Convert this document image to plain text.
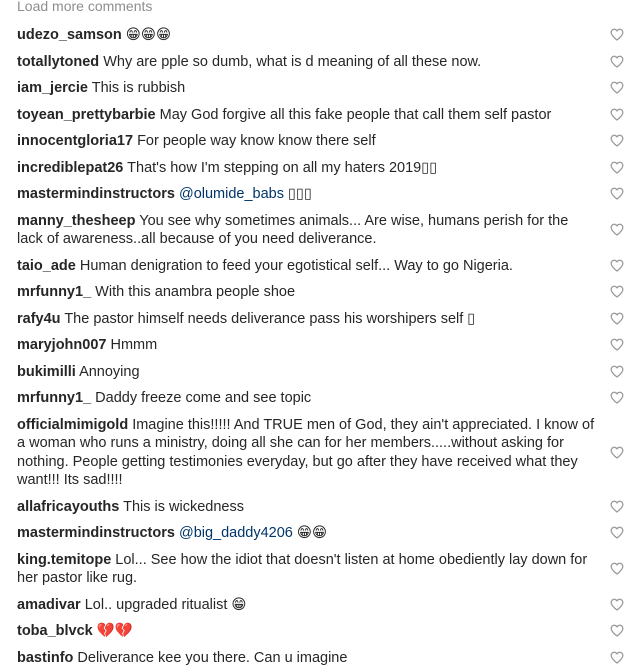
Load more comments
udezo_samson 😁😁😁
totallytoned Why are pple so dumb, what is d meaning of all these now.
iam_jercie This is rubbish
toyean_prettybarbie May God forgive all this fake people that call them self pastor
innocentgloria17 For people way know know there self
incrediblepat26 That's how I'm stepping on all my haters 2019▯▯
mastermindinstructors @olumide_babs ▯▯▯
manny_thesheep You see why sometimes animals... Are wise, humans perish for the lack of awareness..all because of you need deliverance.
taio_ade Human denigration to feed your egotistical self... Way to go Nigeria.
mrfunny1_ With this anambra people shoe
rafy4u The pastor himself needs deliverance pass his worshipers self ▯
maryjohn007 Hmmm
bukimilli Annoying
mrfunny1_ Daddy freeze come and see topic
officialmimigold Imagine this!!!!! And TRUE men of God, they ain't appreciated. I know of a woman who runs a ministry, doing all she can for her members.....without asking for nothing. People getting testimonies everyday, but go after they have received what they want!!! Its sad!!!!
allafricayouths This is wickedness
mastermindinstructors @big_daddy4206 😁😁
king.temitope Lol... See how the idiot that doesn't listen at home obediently lay down for her pastor like rug.
amadivar Lol.. upgraded ritualist 😁
toba_blvck 💔💔
bastinfo Deliverance kee you there. Can u imagine
